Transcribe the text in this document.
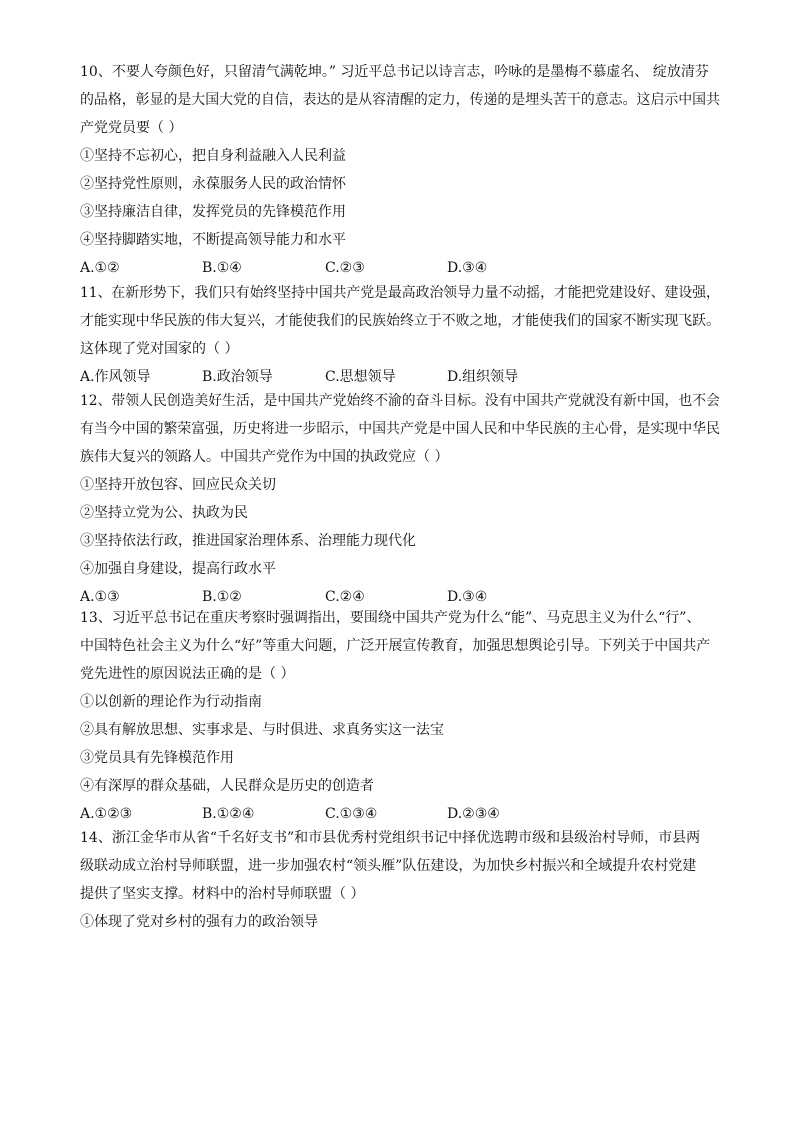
10、不要人夸颜色好，只留清气满乾坤。” 习近平总书记以诗言志，吟咏的是墨梅不慕虚名、 绽放清芬
的品格，彰显的是大国大党的自信，表达的是从容清醒的定力，传递的是埋头苦干的意志。这启示中国共
产党党员要（ ）
①坚持不忘初心，把自身利益融入人民利益
②坚持党性原则，永葆服务人民的政治情怀
③坚持廉洁自律，发挥党员的先锋模范作用
④坚持脚踏实地，不断提高领导能力和水平
A.①②	B.①④	C.②③	D.③④
11、在新形势下，我们只有始终坚持中国共产党是最高政治领导力量不动摇，才能把党建设好、建设强，
才能实现中华民族的伟大复兴，才能使我们的民族始终立于不败之地，才能使我们的国家不断实现飞跃。
这体现了党对国家的（ ）
A.作风领导	B.政治领导	C.思想领导	D.组织领导
12、带领人民创造美好生活，是中国共产党始终不渝的奋斗目标。没有中国共产党就没有新中国，也不会
有当今中国的繁荣富强，历史将进一步昭示，中国共产党是中国人民和中华民族的主心骨，是实现中华民
族伟大复兴的领路人。中国共产党作为中国的执政党应（ ）
①坚持开放包容、回应民众关切
②坚持立党为公、执政为民
③坚持依法行政，推进国家治理体系、治理能力现代化
④加强自身建设，提高行政水平
A.①③	B.①②	C.②④	D.③④
13、习近平总书记在重庆考察时强调指出，要围绕中国共产党为什么“能”、马克思主义为什么“行”、
中国特色社会主义为什么“好”等重大问题，广泛开展宣传教育，加强思想舆论引导。下列关于中国共产
党先进性的原因说法正确的是（ ）
①以创新的理论作为行动指南
②具有解放思想、实事求是、与时俱进、求真务实这一法宝
③党员具有先锋模范作用
④有深厚的群众基础，人民群众是历史的创造者
A.①②③	B.①②④	C.①③④	D.②③④
14、浙江金华市从省“千名好支书”和市县优秀村党组织书记中择优选聘市级和县级治村导师，市县两
级联动成立治村导师联盟，进一步加强农村“领头雁”队伍建设，为加快乡村振兴和全域提升农村党建
提供了坚实支撑。材料中的治村导师联盟（ ）
①体现了党对乡村的强有力的政治领导
